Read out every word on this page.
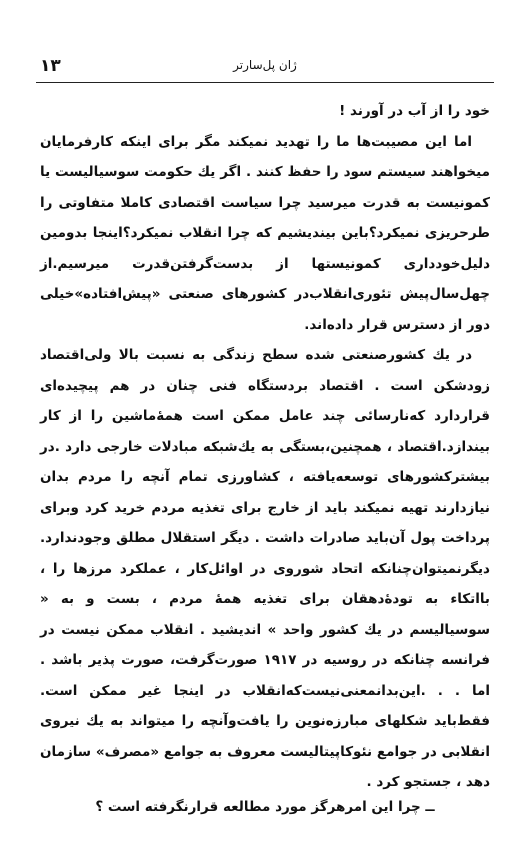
۱۳	ژان پل‌سارتر

خود را از آب در آورند !

اما این مصیبت‌ها ما را تهدید نمیکند مگر برای اینکه کارفرمایان میخواهند سیستم سود را حفظ کنند . اگر یك حکومت سوسیالیست یا کمونیست به قدرت میرسید چرا سیاست اقتصادی کاملا متفاوتی را طرحریزی نمیکرد؟باین بیندیشیم که چرا انقلاب نمیکرد؟اینجا بدومین دلیل‌خودداری کمونیستها از بدست‌گرفتن‌قدرت میرسیم.از چهل‌سال‌پیش تئوری‌انقلاب‌در کشورهای صنعتی «پیش‌افتاده»خیلی دور از دسترس قرار داده‌اند.

در یك کشورصنعتی شده سطح زندگی به نسبت بالا ولی‌اقتصاد زودشکن است . اقتصاد بردستگاه فنی چنان در هم پیچیده‌ای قراردارد که‌نارسائی چند عامل ممکن است همه‌ٔ‌ماشین را از کار بیندازد.اقتصاد ، همچنین،بستگی به یك‌شبکه مبادلات خارجی دارد .در بیشترکشورهای توسعه‌یافته ، کشاورزی تمام آنچه را مردم بدان نیازدارند تهیه نمیکند باید از خارج برای تغذیه مردم خرید کرد وبرای پرداخت پول آن‌باید صادرات داشت . دیگر استقلال مطلق وجودندارد. دیگرنمیتوان‌چنانکه اتحاد شوروی در اوائل‌کار ، عملکرد مرزها را ، بااتکاء به تودهٔ‌دهقان برای تغذیه همهٔ مردم ، بست و به « سوسیالیسم در یك کشور واحد » اندیشید . انقلاب ممکن نیست در فرانسه چنانکه در روسیه در ۱۹۱۷ صورت‌گرفت، صورت پذیر باشد . اما . . .این‌بدانمعنی‌نیست‌که‌انقلاب در اینجا غیر ممکن است. فقط‌باید شکلهای مبارزه‌نوین را یافت‌وآنچه را میتواند به یك نیروی انقلابی در جوامع نئوکاپیتالیست معروف به جوامع «مصرف» سازمان دهد ، جستجو کرد .

ــ چرا این امرهرگز مورد مطالعه قرارنگرفته است ؟
